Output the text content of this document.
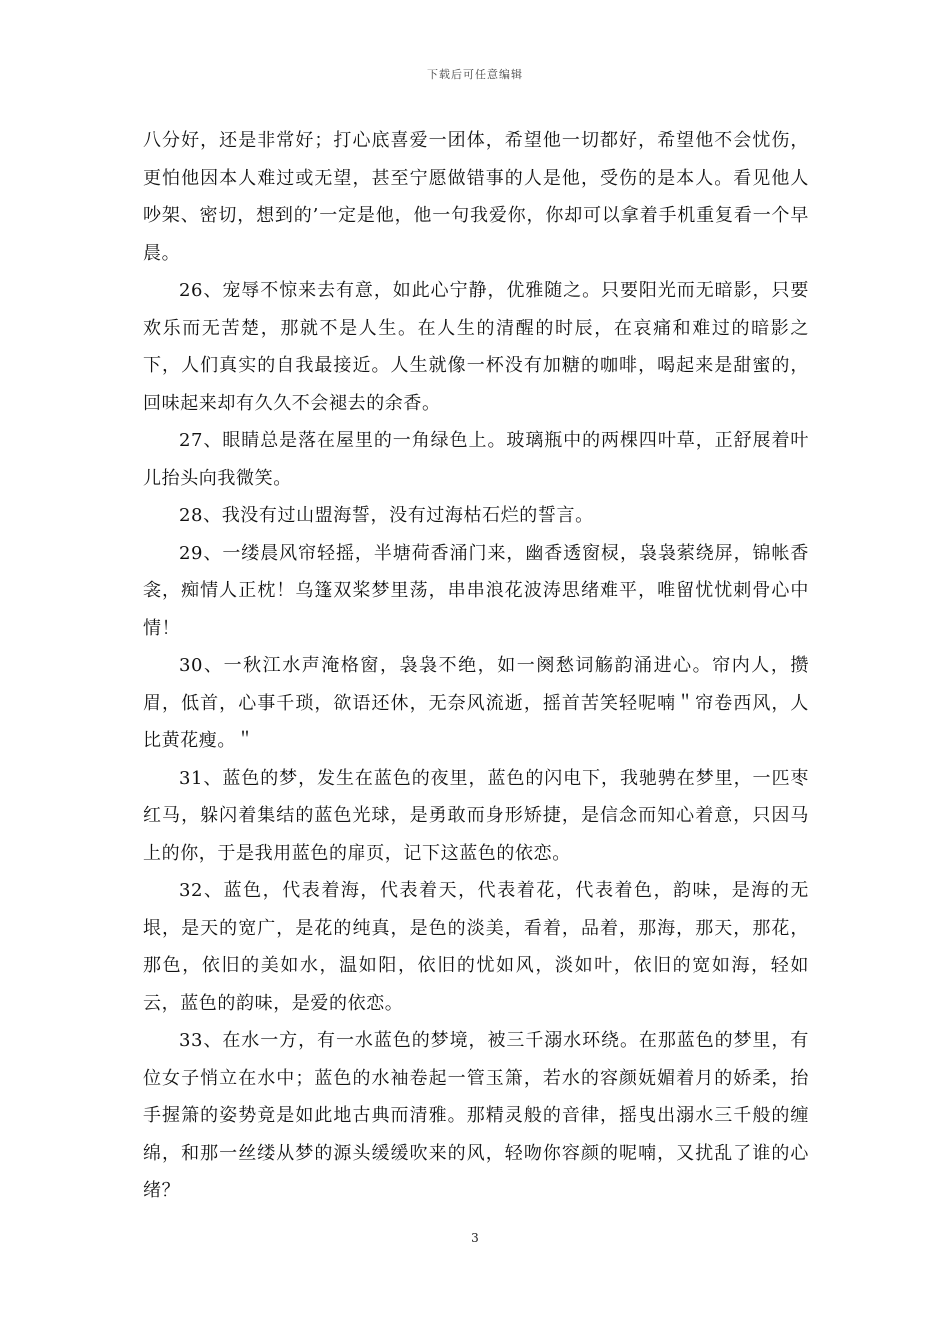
下载后可任意编辑

八分好，还是非常好；打心底喜爱一团体，希望他一切都好，希望他不会忧伤，更怕他因本人难过或无望，甚至宁愿做错事的人是他，受伤的是本人。看见他人吵架、密切，想到的’一定是他，他一句我爱你，你却可以拿着手机重复看一个早晨。

26、宠辱不惊来去有意，如此心宁静，优雅随之。只要阳光而无暗影，只要欢乐而无苦楚，那就不是人生。在人生的清醒的时辰，在哀痛和难过的暗影之下，人们真实的自我最接近。人生就像一杯没有加糖的咖啡，喝起来是甜蜜的，回味起来却有久久不会褪去的余香。

27、眼睛总是落在屋里的一角绿色上。玻璃瓶中的两棵四叶草，正舒展着叶儿抬头向我微笑。

28、我没有过山盟海誓，没有过海枯石烂的誓言。

29、一缕晨风帘轻摇，半塘荷香涌门来，幽香透窗棂，袅袅萦绕屏，锦帐香衾，痴情人正枕！乌篷双桨梦里荡，串串浪花波涛思绪难平，唯留忧忧刺骨心中情！

30、一秋江水声淹格窗，袅袅不绝，如一阕愁词觞韵涌进心。帘内人，攒眉，低首，心事千琐，欲语还休，无奈风流逝，摇首苦笑轻呢喃＂帘卷西风，人比黄花瘦。＂

31、蓝色的梦，发生在蓝色的夜里，蓝色的闪电下，我驰骋在梦里，一匹枣红马，躲闪着集结的蓝色光球，是勇敢而身形矫捷，是信念而知心着意，只因马上的你，于是我用蓝色的扉页，记下这蓝色的依恋。

32、蓝色，代表着海，代表着天，代表着花，代表着色，韵味，是海的无垠，是天的宽广，是花的纯真，是色的淡美，看着，品着，那海，那天，那花，那色，依旧的美如水，温如阳，依旧的忧如风，淡如叶，依旧的宽如海，轻如云，蓝色的韵味，是爱的依恋。

33、在水一方，有一水蓝色的梦境，被三千溺水环绕。在那蓝色的梦里，有位女子悄立在水中；蓝色的水袖卷起一管玉箫，若水的容颜妩媚着月的娇柔，抬手握箫的姿势竟是如此地古典而清雅。那精灵般的音律，摇曳出溺水三千般的缠绵，和那一丝缕从梦的源头缓缓吹来的风，轻吻你容颜的呢喃，又扰乱了谁的心绪？

3
